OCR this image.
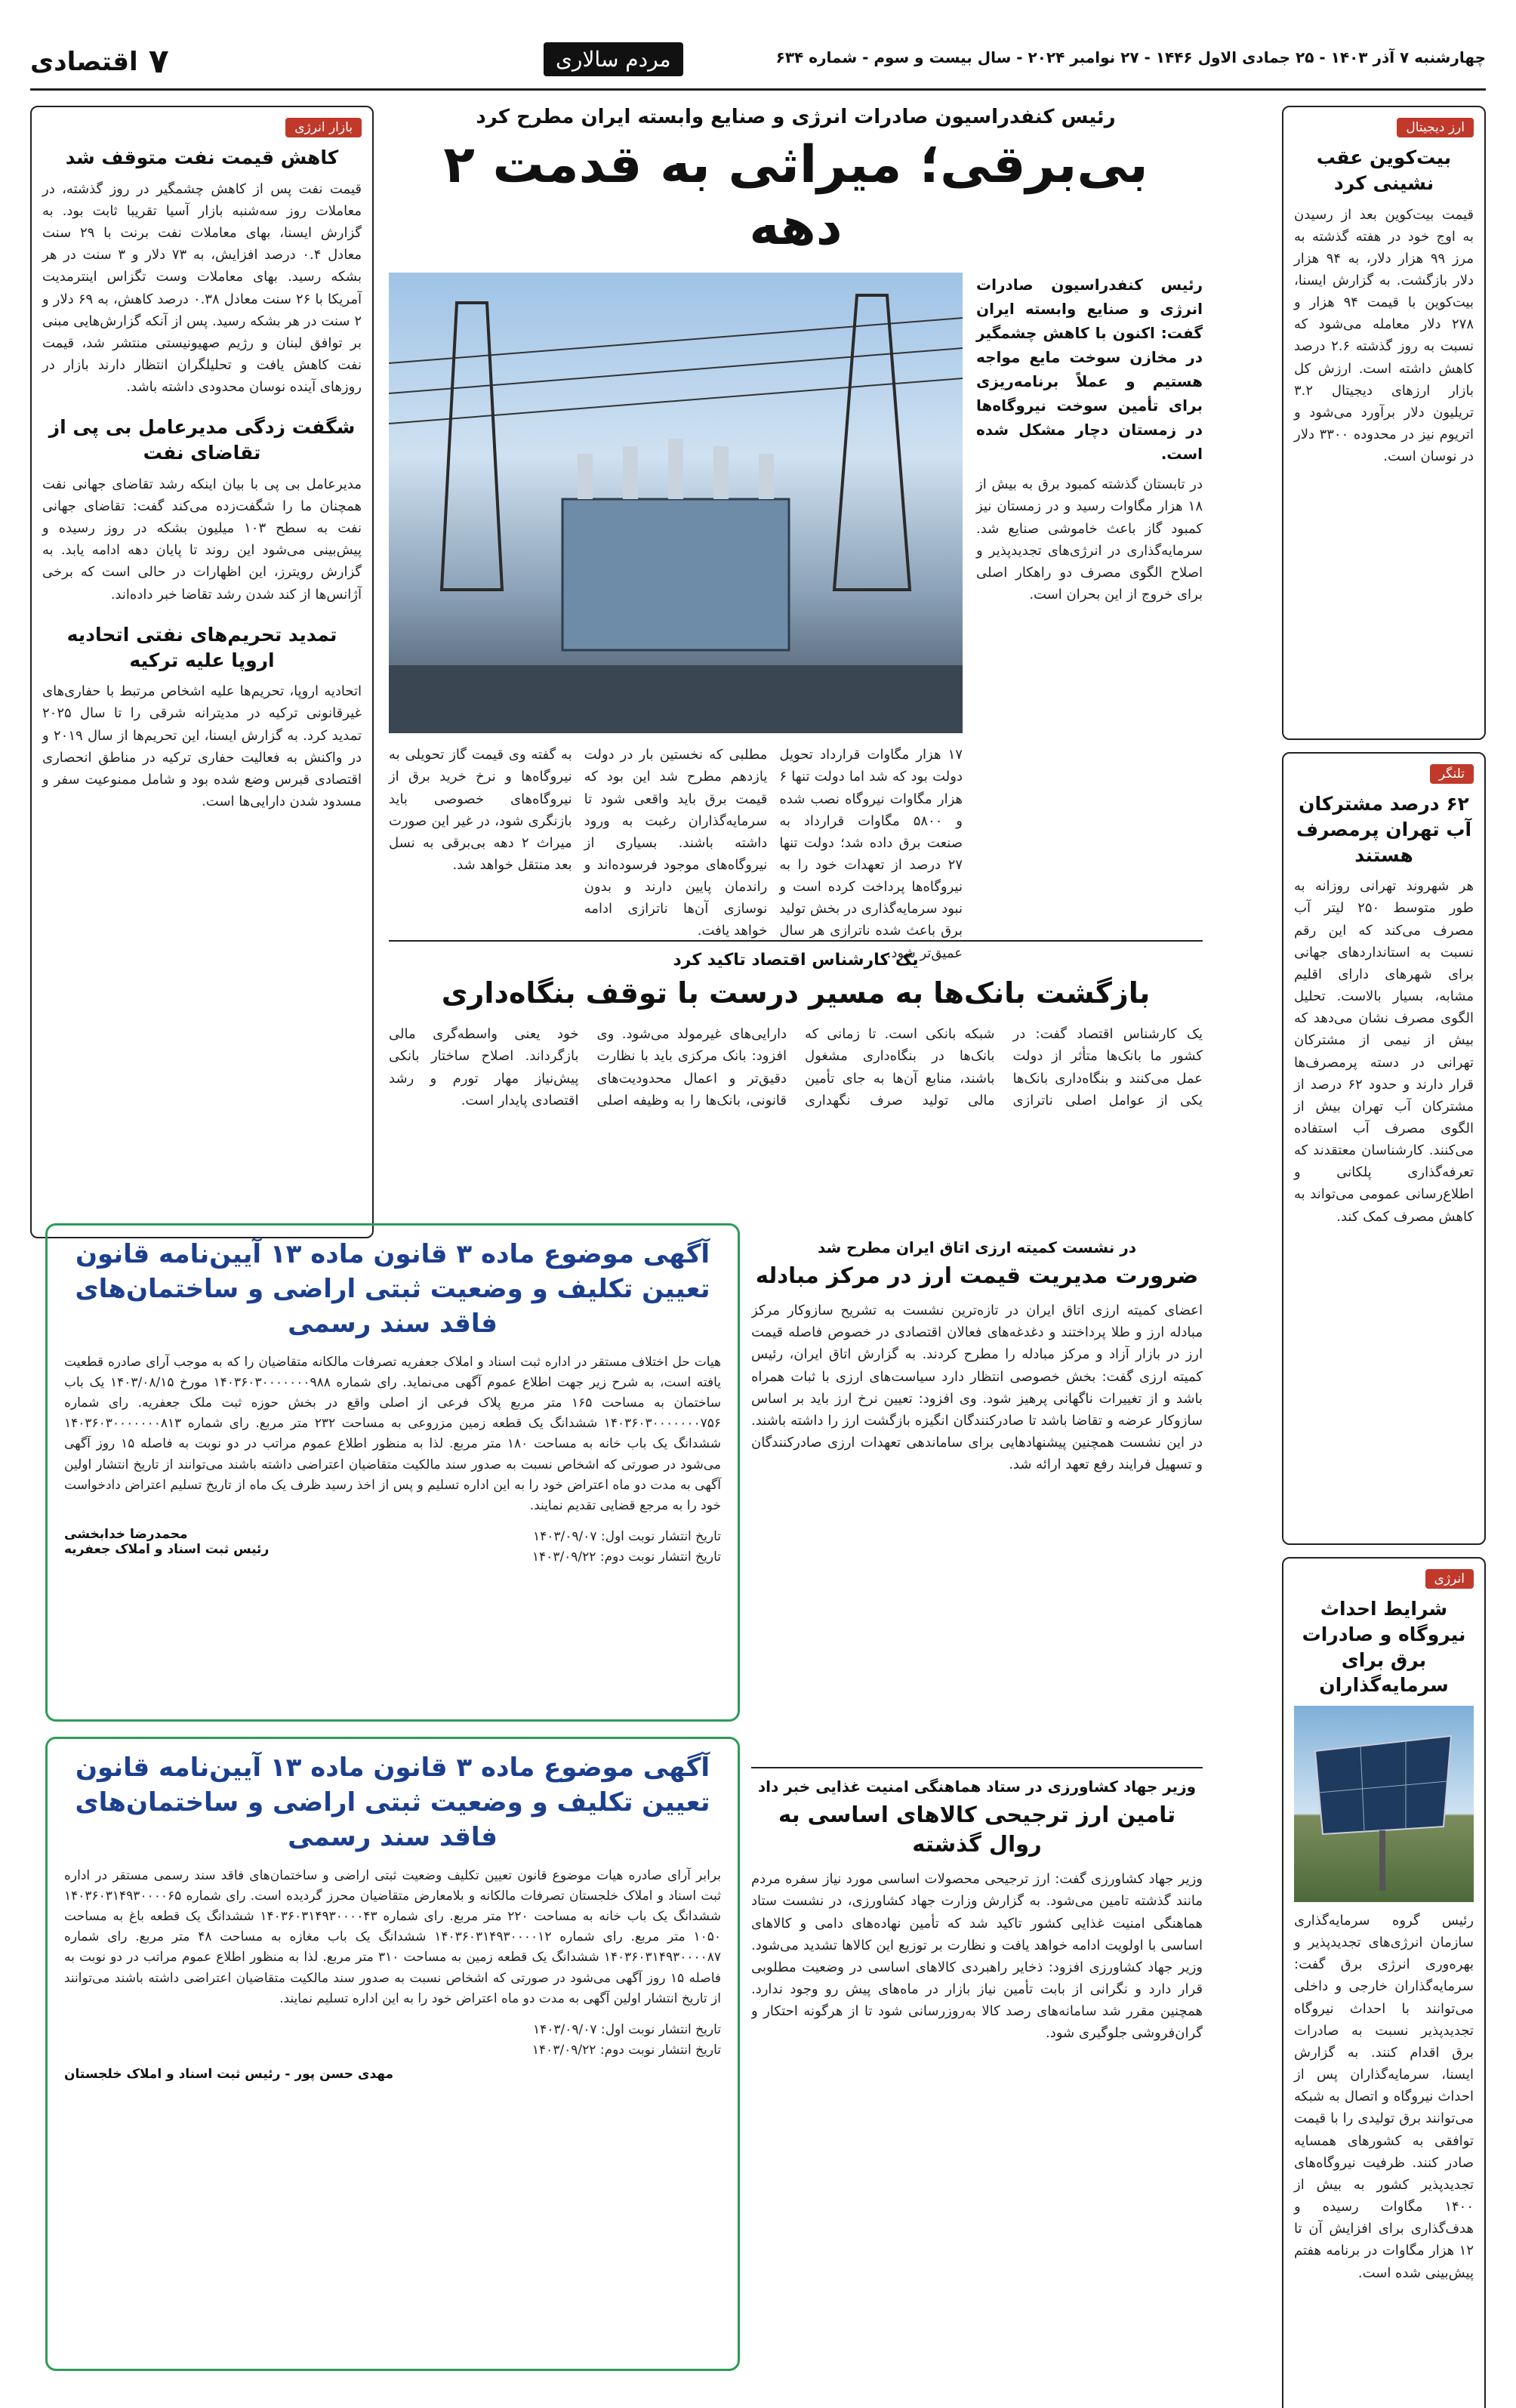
۷
اقتصادی	مردم سالاری	چهارشنبه ۷ آذر ۱۴۰۳ - ۲۵ جمادی الاول ۱۴۴۶ - ۲۷ نوامبر ۲۰۲۴ - سال بیست و سوم - شماره ۶۳۴
ارز دیجیتال
بیت‌کوین عقب نشینی کرد
قیمت بیت‌کوین بعد از رسیدن به اوج خود در هفته گذشته به مرز ۹۹ هزار دلار، به ۹۴ هزار دلار بازگشت. به گزارش ایسنا، بیت‌کوین با قیمت ۹۴ هزار و ۲۷۸ دلار معامله می‌شود که نسبت به روز گذشته ۲.۶ درصد کاهش داشته است. ارزش کل بازار ارزهای دیجیتال ۳.۲ تریلیون دلار برآورد می‌شود و اتریوم نیز در محدوده ۳۳۰۰ دلار در نوسان است.
تلنگر
۶۲ درصد مشترکان آب تهران پرمصرف هستند
هر شهروند تهرانی روزانه به طور متوسط ۲۵۰ لیتر آب مصرف می‌کند که این رقم نسبت به استانداردهای جهانی برای شهرهای دارای اقلیم مشابه، بسیار بالاست. تحلیل الگوی مصرف نشان می‌دهد که بیش از نیمی از مشترکان تهرانی در دسته پرمصرف‌ها قرار دارند و حدود ۶۲ درصد از مشترکان آب تهران بیش از الگوی مصرف آب استفاده می‌کنند. کارشناسان معتقدند که تعرفه‌گذاری پلکانی و اطلاع‌رسانی عمومی می‌تواند به کاهش مصرف کمک کند.
انرژی
شرایط احداث نیروگاه و صادرات برق برای سرمایه‌گذاران
رئیس گروه سرمایه‌گذاری سازمان انرژی‌های تجدیدپذیر و بهره‌وری انرژی برق گفت: سرمایه‌گذاران خارجی و داخلی می‌توانند با احداث نیروگاه تجدیدپذیر نسبت به صادرات برق اقدام کنند. به گزارش ایسنا، سرمایه‌گذاران پس از احداث نیروگاه و اتصال به شبکه می‌توانند برق تولیدی را با قیمت توافقی به کشورهای همسایه صادر کنند. ظرفیت نیروگاه‌های تجدیدپذیر کشور به بیش از ۱۴۰۰ مگاوات رسیده و هدف‌گذاری برای افزایش آن تا ۱۲ هزار مگاوات در برنامه هفتم پیش‌بینی شده است.
بازار انرژی
کاهش قیمت نفت متوقف شد
قیمت نفت پس از کاهش چشمگیر در روز گذشته، در معاملات روز سه‌شنبه بازار آسیا تقریبا ثابت بود. به گزارش ایسنا، بهای معاملات نفت برنت با ۲۹ سنت معادل ۰.۴ درصد افزایش، به ۷۳ دلار و ۳ سنت در هر بشکه رسید. بهای معاملات وست تگزاس اینترمدیت آمریکا با ۲۶ سنت معادل ۰.۳۸ درصد کاهش، به ۶۹ دلار و ۲ سنت در هر بشکه رسید. پس از آنکه گزارش‌هایی مبنی بر توافق لبنان و رژیم صهیونیستی منتشر شد، قیمت نفت کاهش یافت و تحلیلگران انتظار دارند بازار در روزهای آینده نوسان محدودی داشته باشد.
شگفت زدگی مدیرعامل بی پی از تقاضای نفت
مدیرعامل بی پی با بیان اینکه رشد تقاضای جهانی نفت همچنان ما را شگفت‌زده می‌کند گفت: تقاضای جهانی نفت به سطح ۱۰۳ میلیون بشکه در روز رسیده و پیش‌بینی می‌شود این روند تا پایان دهه ادامه یابد. به گزارش رویترز، این اظهارات در حالی است که برخی آژانس‌ها از کند شدن رشد تقاضا خبر داده‌اند.
تمدید تحریم‌های نفتی اتحادیه اروپا علیه ترکیه
اتحادیه اروپا، تحریم‌ها علیه اشخاص مرتبط با حفاری‌های غیرقانونی ترکیه در مدیترانه شرقی را تا سال ۲۰۲۵ تمدید کرد. به گزارش ایسنا، این تحریم‌ها از سال ۲۰۱۹ و در واکنش به فعالیت حفاری ترکیه در مناطق انحصاری اقتصادی قبرس وضع شده بود و شامل ممنوعیت سفر و مسدود شدن دارایی‌ها است.
رئیس کنفدراسیون صادرات انرژی و صنایع وابسته ایران مطرح کرد
بی‌برقی؛ میراثی به قدمت ۲ دهه
رئیس کنفدراسیون صادرات انرژی و صنایع وابسته ایران گفت: اکنون با کاهش چشمگیر در مخازن سوخت مایع مواجه هستیم و عملاً برنامه‌ریزی برای تأمین سوخت نیروگاه‌ها در زمستان دچار مشکل شده است.
در تابستان گذشته کمبود برق به بیش از ۱۸ هزار مگاوات رسید و در زمستان نیز کمبود گاز باعث خاموشی صنایع شد. سرمایه‌گذاری در انرژی‌های تجدیدپذیر و اصلاح الگوی مصرف دو راهکار اصلی برای خروج از این بحران است.
۱۷ هزار مگاوات قرارداد تحویل دولت بود که شد اما دولت تنها ۶ هزار مگاوات نیروگاه نصب شده و ۵۸۰۰ مگاوات قرارداد به صنعت برق داده شد؛ دولت تنها ۲۷ درصد از تعهدات خود را به نیروگاه‌ها پرداخت کرده است و نبود سرمایه‌گذاری در بخش تولید برق باعث شده ناترازی هر سال عمیق‌تر شود.
مطلبی که نخستین بار در دولت یازدهم مطرح شد این بود که قیمت برق باید واقعی شود تا سرمایه‌گذاران رغبت به ورود داشته باشند. بسیاری از نیروگاه‌های موجود فرسوده‌اند و راندمان پایین دارند و بدون نوسازی آن‌ها ناترازی ادامه خواهد یافت.
به گفته وی قیمت گاز تحویلی به نیروگاه‌ها و نرخ خرید برق از نیروگاه‌های خصوصی باید بازنگری شود، در غیر این صورت میراث ۲ دهه بی‌برقی به نسل بعد منتقل خواهد شد.
یک کارشناس اقتصاد تاکید کرد
بازگشت بانک‌ها به مسیر درست با توقف بنگاه‌داری
یک کارشناس اقتصاد گفت: در کشور ما بانک‌ها متأثر از دولت عمل می‌کنند و بنگاه‌داری بانک‌ها یکی از عوامل اصلی ناترازی شبکه بانکی است. تا زمانی که بانک‌ها در بنگاه‌داری مشغول باشند، منابع آن‌ها به جای تأمین مالی تولید صرف نگهداری دارایی‌های غیرمولد می‌شود. وی افزود: بانک مرکزی باید با نظارت دقیق‌تر و اعمال محدودیت‌های قانونی، بانک‌ها را به وظیفه اصلی خود یعنی واسطه‌گری مالی بازگرداند. اصلاح ساختار بانکی پیش‌نیاز مهار تورم و رشد اقتصادی پایدار است.
در نشست کمیته ارزی اتاق ایران مطرح شد
ضرورت مدیریت قیمت ارز در مرکز مبادله
اعضای کمیته ارزی اتاق ایران در تازه‌ترین نشست به تشریح سازوکار مرکز مبادله ارز و طلا پرداختند و دغدغه‌های فعالان اقتصادی در خصوص فاصله قیمت ارز در بازار آزاد و مرکز مبادله را مطرح کردند. به گزارش اتاق ایران، رئیس کمیته ارزی گفت: بخش خصوصی انتظار دارد سیاست‌های ارزی با ثبات همراه باشد و از تغییرات ناگهانی پرهیز شود. وی افزود: تعیین نرخ ارز باید بر اساس سازوکار عرضه و تقاضا باشد تا صادرکنندگان انگیزه بازگشت ارز را داشته باشند. در این نشست همچنین پیشنهادهایی برای ساماندهی تعهدات ارزی صادرکنندگان و تسهیل فرایند رفع تعهد ارائه شد.
وزیر جهاد کشاورزی در ستاد هماهنگی امنیت غذایی خبر داد
تامین ارز ترجیحی کالاهای اساسی به روال گذشته
وزیر جهاد کشاورزی گفت: ارز ترجیحی محصولات اساسی مورد نیاز سفره مردم مانند گذشته تامین می‌شود. به گزارش وزارت جهاد کشاورزی، در نشست ستاد هماهنگی امنیت غذایی کشور تاکید شد که تأمین نهاده‌های دامی و کالاهای اساسی با اولویت ادامه خواهد یافت و نظارت بر توزیع این کالاها تشدید می‌شود. وزیر جهاد کشاورزی افزود: ذخایر راهبردی کالاهای اساسی در وضعیت مطلوبی قرار دارد و نگرانی از بابت تأمین نیاز بازار در ماه‌های پیش رو وجود ندارد. همچنین مقرر شد سامانه‌های رصد کالا به‌روزرسانی شود تا از هرگونه احتکار و گران‌فروشی جلوگیری شود.
آگهی موضوع ماده ۳ قانون ماده ۱۳ آیین‌نامه قانون تعیین تکلیف و وضعیت ثبتی اراضی و ساختمان‌های فاقد سند رسمی
هیات حل اختلاف مستقر در اداره ثبت اسناد و املاک جعفریه تصرفات مالکانه متقاضیان را که به موجب آرای صادره قطعیت یافته است، به شرح زیر جهت اطلاع عموم آگهی می‌نماید. رای شماره ۱۴۰۳۶۰۳۰۰۰۰۰۰۰۹۸۸ مورخ ۱۴۰۳/۰۸/۱۵ یک باب ساختمان به مساحت ۱۶۵ متر مربع پلاک فرعی از اصلی واقع در بخش حوزه ثبت ملک جعفریه. رای شماره ۱۴۰۳۶۰۳۰۰۰۰۰۰۰۷۵۶ ششدانگ یک قطعه زمین مزروعی به مساحت ۲۳۲ متر مربع. رای شماره ۱۴۰۳۶۰۳۰۰۰۰۰۰۰۸۱۳ ششدانگ یک باب خانه به مساحت ۱۸۰ متر مربع. لذا به منظور اطلاع عموم مراتب در دو نوبت به فاصله ۱۵ روز آگهی می‌شود در صورتی که اشخاص نسبت به صدور سند مالکیت متقاضیان اعتراضی داشته باشند می‌توانند از تاریخ انتشار اولین آگهی به مدت دو ماه اعتراض خود را به این اداره تسلیم و پس از اخذ رسید ظرف یک ماه از تاریخ تسلیم اعتراض دادخواست خود را به مرجع قضایی تقدیم نمایند.
تاریخ انتشار نوبت اول: ۱۴۰۳/۰۹/۰۷
تاریخ انتشار نوبت دوم: ۱۴۰۳/۰۹/۲۲
محمدرضا خدابخشی
رئیس ثبت اسناد و املاک جعفریه
آگهی موضوع ماده ۳ قانون ماده ۱۳ آیین‌نامه قانون تعیین تکلیف و وضعیت ثبتی اراضی و ساختمان‌های فاقد سند رسمی
برابر آرای صادره هیات موضوع قانون تعیین تکلیف وضعیت ثبتی اراضی و ساختمان‌های فاقد سند رسمی مستقر در اداره ثبت اسناد و املاک خلجستان تصرفات مالکانه و بلامعارض متقاضیان محرز گردیده است. رای شماره ۱۴۰۳۶۰۳۱۴۹۳۰۰۰۰۶۵ ششدانگ یک باب خانه به مساحت ۲۲۰ متر مربع. رای شماره ۱۴۰۳۶۰۳۱۴۹۳۰۰۰۰۴۳ ششدانگ یک قطعه باغ به مساحت ۱۰۵۰ متر مربع. رای شماره ۱۴۰۳۶۰۳۱۴۹۳۰۰۰۰۱۲ ششدانگ یک باب مغازه به مساحت ۴۸ متر مربع. رای شماره ۱۴۰۳۶۰۳۱۴۹۳۰۰۰۰۸۷ ششدانگ یک قطعه زمین به مساحت ۳۱۰ متر مربع. لذا به منظور اطلاع عموم مراتب در دو نوبت به فاصله ۱۵ روز آگهی می‌شود در صورتی که اشخاص نسبت به صدور سند مالکیت متقاضیان اعتراضی داشته باشند می‌توانند از تاریخ انتشار اولین آگهی به مدت دو ماه اعتراض خود را به این اداره تسلیم نمایند.
تاریخ انتشار نوبت اول: ۱۴۰۳/۰۹/۰۷
تاریخ انتشار نوبت دوم: ۱۴۰۳/۰۹/۲۲
مهدی حسن پور - رئیس ثبت اسناد و املاک خلجستان
